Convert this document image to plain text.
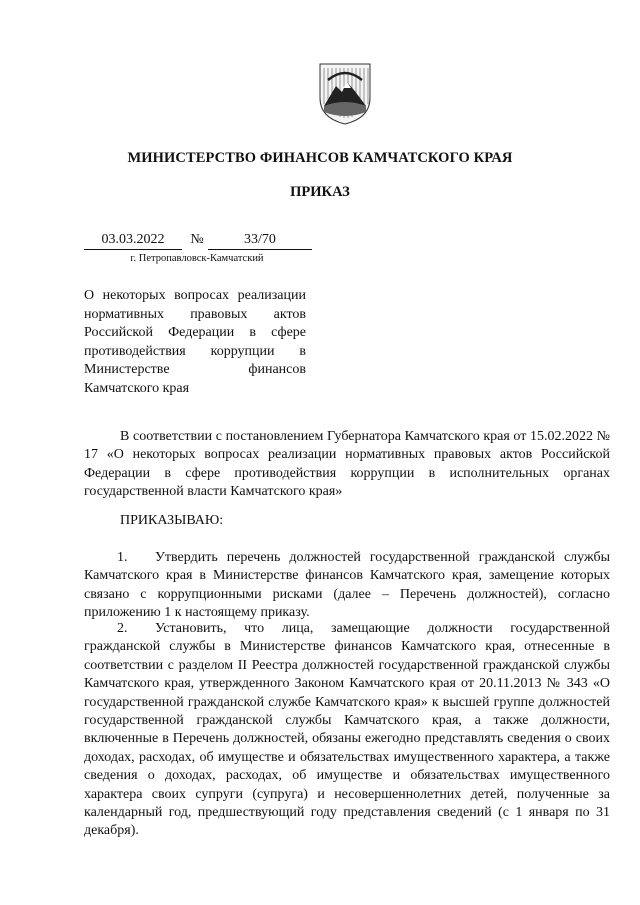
МИНИСТЕРСТВО ФИНАНСОВ КАМЧАТСКОГО КРАЯ
ПРИКАЗ
03.03.2022	№	33/70
г. Петропавловск-Камчатский

О некоторых вопросах реализации нормативных правовых актов Российской Федерации в сфере противодействия коррупции в Министерстве финансов Камчатского края

В соответствии с постановлением Губернатора Камчатского края от 15.02.2022 № 17 «О некоторых вопросах реализации нормативных правовых актов Российской Федерации в сфере противодействия коррупции в исполнительных органах государственной власти Камчатского края»

ПРИКАЗЫВАЮ:

1. Утвердить перечень должностей государственной гражданской службы Камчатского края в Министерстве финансов Камчатского края, замещение которых связано с коррупционными рисками (далее – Перечень должностей), согласно приложению 1 к настоящему приказу.

2. Установить, что лица, замещающие должности государственной гражданской службы в Министерстве финансов Камчатского края, отнесенные в соответствии с разделом II Реестра должностей государственной гражданской службы Камчатского края, утвержденного Законом Камчатского края от 20.11.2013 № 343 «О государственной гражданской службе Камчатского края» к высшей группе должностей государственной гражданской службы Камчатского края, а также должности, включенные в Перечень должностей, обязаны ежегодно представлять сведения о своих доходах, расходах, об имуществе и обязательствах имущественного характера, а также сведения о доходах, расходах, об имуществе и обязательствах имущественного характера своих супруги (супруга) и несовершеннолетних детей, полученные за календарный год, предшествующий году представления сведений (с 1 января по 31 декабря).
